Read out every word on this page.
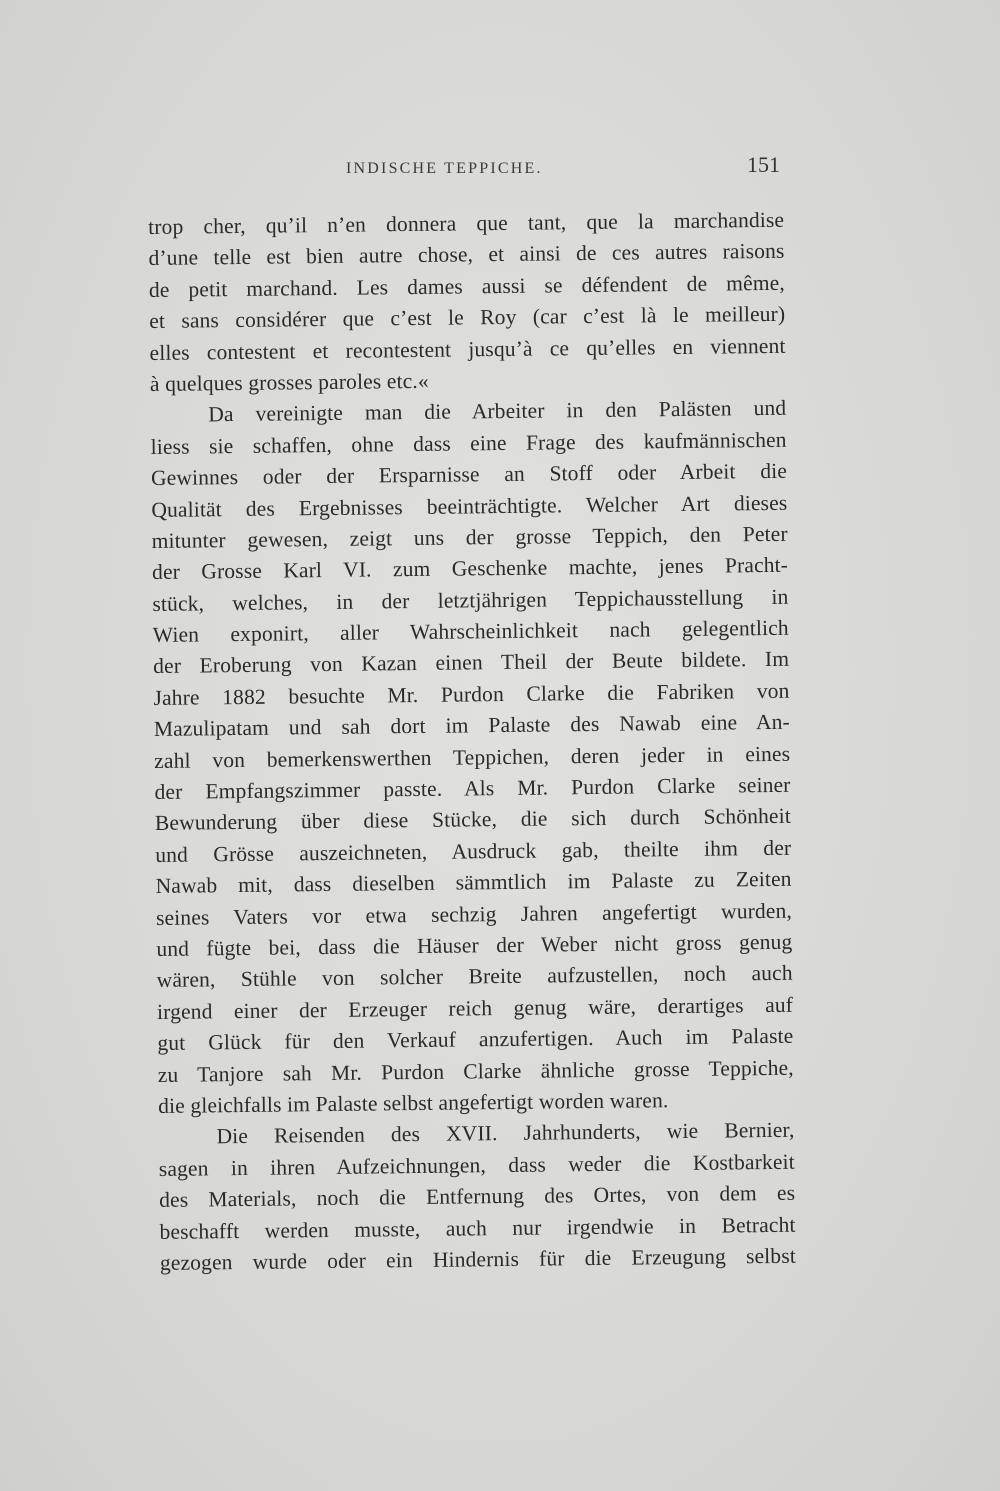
INDISCHE TEPPICHE.	151
trop cher, qu’il n’en donnera que tant, que la marchandise
d’une telle est bien autre chose, et ainsi de ces autres raisons
de petit marchand. Les dames aussi se défendent de même,
et sans considérer que c’est le Roy (car c’est là le meilleur)
elles contestent et recontestent jusqu’à ce qu’elles en viennent
à quelques grosses paroles etc.«
Da vereinigte man die Arbeiter in den Palästen und
liess sie schaffen, ohne dass eine Frage des kaufmännischen
Gewinnes oder der Ersparnisse an Stoff oder Arbeit die
Qualität des Ergebnisses beeinträchtigte. Welcher Art dieses
mitunter gewesen, zeigt uns der grosse Teppich, den Peter
der Grosse Karl VI. zum Geschenke machte, jenes Pracht-
stück, welches, in der letztjährigen Teppichausstellung in
Wien exponirt, aller Wahrscheinlichkeit nach gelegentlich
der Eroberung von Kazan einen Theil der Beute bildete. Im
Jahre 1882 besuchte Mr. Purdon Clarke die Fabriken von
Mazulipatam und sah dort im Palaste des Nawab eine An-
zahl von bemerkenswerthen Teppichen, deren jeder in eines
der Empfangszimmer passte. Als Mr. Purdon Clarke seiner
Bewunderung über diese Stücke, die sich durch Schönheit
und Grösse auszeichneten, Ausdruck gab, theilte ihm der
Nawab mit, dass dieselben sämmtlich im Palaste zu Zeiten
seines Vaters vor etwa sechzig Jahren angefertigt wurden,
und fügte bei, dass die Häuser der Weber nicht gross genug
wären, Stühle von solcher Breite aufzustellen, noch auch
irgend einer der Erzeuger reich genug wäre, derartiges auf
gut Glück für den Verkauf anzufertigen. Auch im Palaste
zu Tanjore sah Mr. Purdon Clarke ähnliche grosse Teppiche,
die gleichfalls im Palaste selbst angefertigt worden waren.
Die Reisenden des XVII. Jahrhunderts, wie Bernier,
sagen in ihren Aufzeichnungen, dass weder die Kostbarkeit
des Materials, noch die Entfernung des Ortes, von dem es
beschafft werden musste, auch nur irgendwie in Betracht
gezogen wurde oder ein Hindernis für die Erzeugung selbst
